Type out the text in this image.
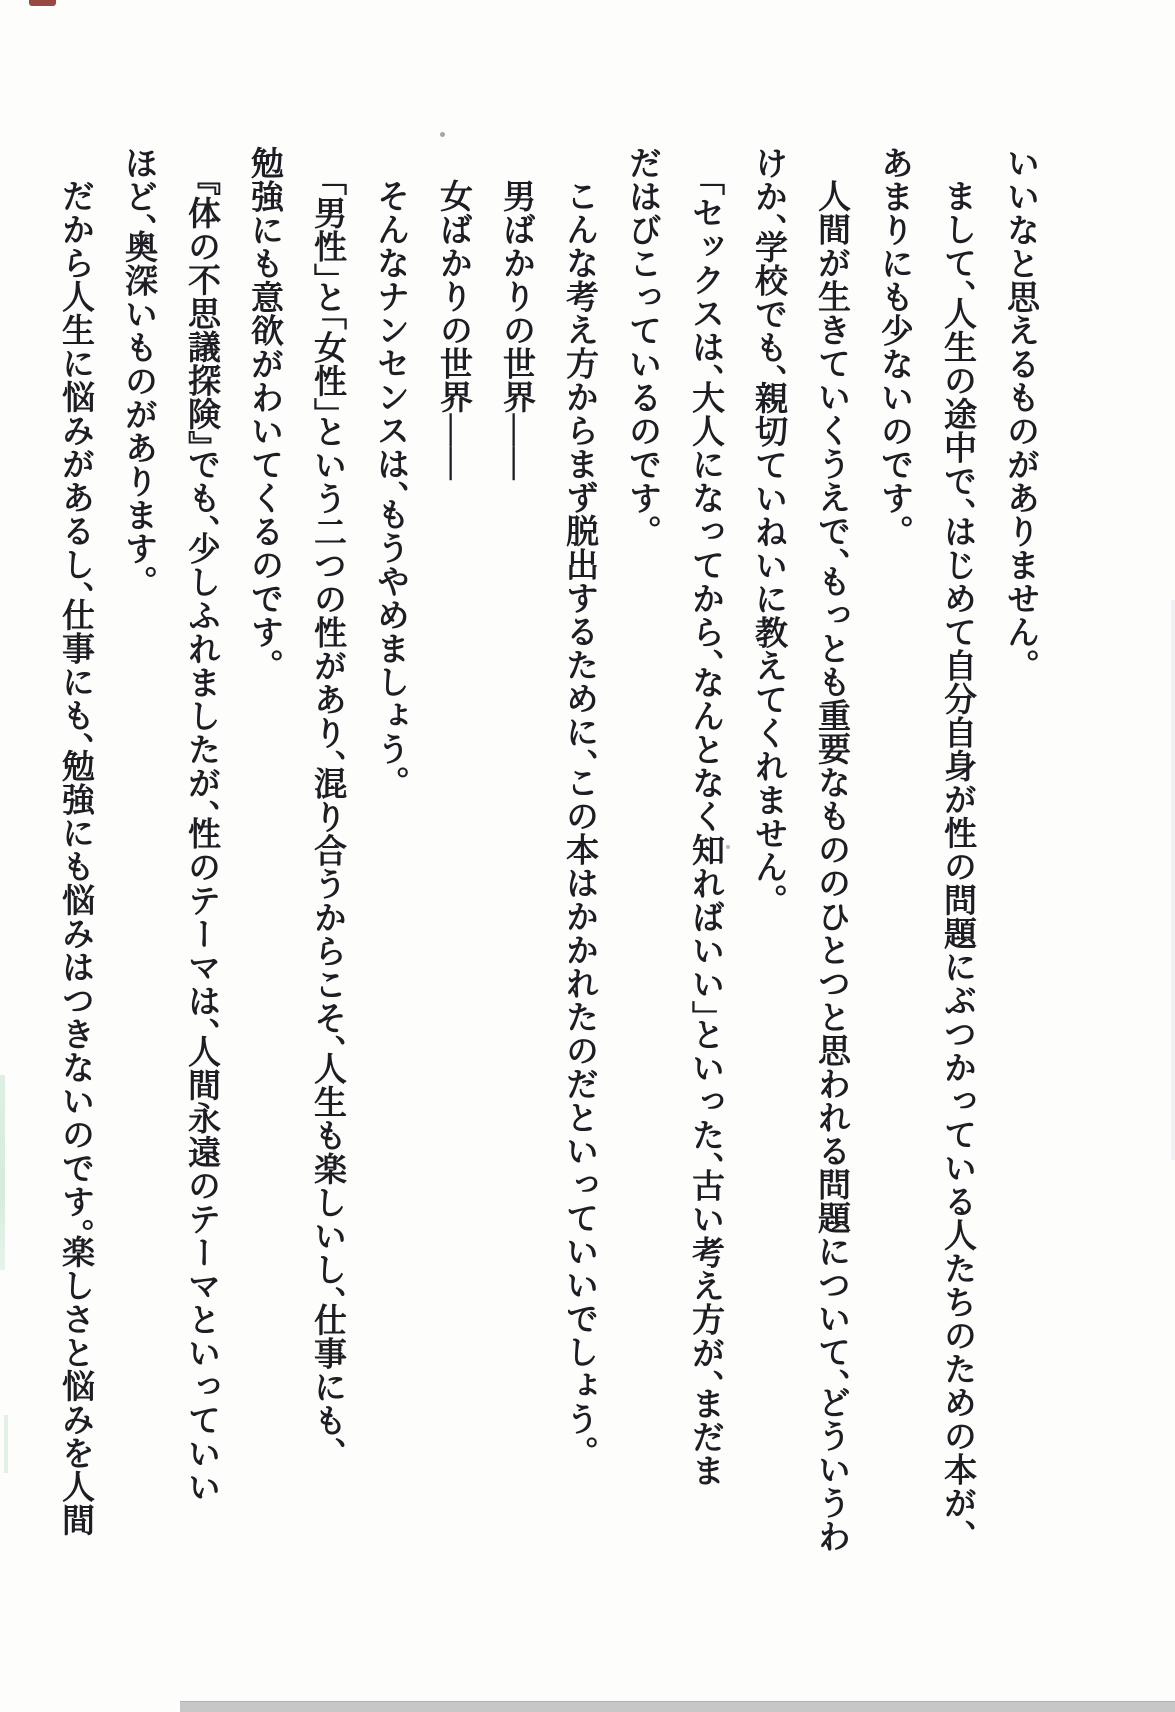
いいなと思えるものがありません。

まして、人生の途中で、はじめて自分自身が性の問題にぶつかっている人たちのための本が、

あまりにも少ないのです。

人間が生きていくうえで、もっとも重要なもののひとつと思われる問題について、どういうわ

けか、学校でも、親切ていねいに教えてくれません。

「セックスは、大人になってから、なんとなく知ればいい」といった、古い考え方が、まだま

だはびこっているのです。

こんな考え方からまず脱出するために、この本はかかれたのだといっていいでしょう。

男ばかりの世界――

女ばかりの世界――

そんなナンセンスは、もうやめましょう。

「男性」と「女性」という二つの性があり、混り合うからこそ、人生も楽しいし、仕事にも、

勉強にも意欲がわいてくるのです。

『体の不思議探険』でも、少しふれましたが、性のテーマは、人間永遠のテーマといっていい

ほど、奥深いものがあります。

だから人生に悩みがあるし、仕事にも、勉強にも悩みはつきないのです。楽しさと悩みを人間
